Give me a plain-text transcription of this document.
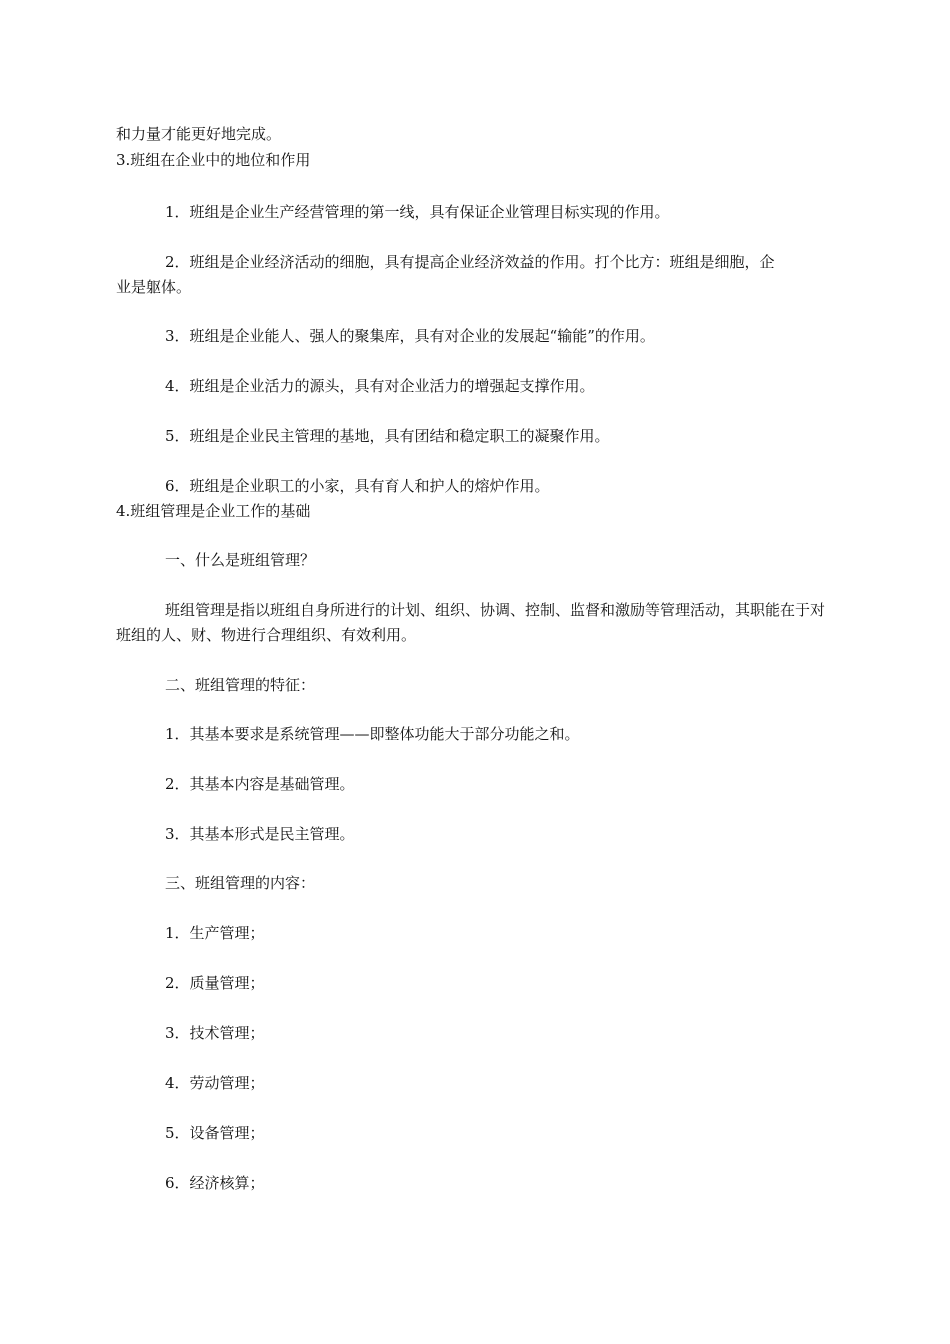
和力量才能更好地完成。
3.班组在企业中的地位和作用
1．班组是企业生产经营管理的第一线，具有保证企业管理目标实现的作用。
2．班组是企业经济活动的细胞，具有提高企业经济效益的作用。打个比方：班组是细胞，企业是躯体。
3．班组是企业能人、强人的聚集库，具有对企业的发展起“输能”的作用。
4．班组是企业活力的源头，具有对企业活力的增强起支撑作用。
5．班组是企业民主管理的基地，具有团结和稳定职工的凝聚作用。
6．班组是企业职工的小家，具有育人和护人的熔炉作用。
4.班组管理是企业工作的基础
一、什么是班组管理？
班组管理是指以班组自身所进行的计划、组织、协调、控制、监督和激励等管理活动，其职能在于对班组的人、财、物进行合理组织、有效利用。
二、班组管理的特征：
1．其基本要求是系统管理——即整体功能大于部分功能之和。
2．其基本内容是基础管理。
3．其基本形式是民主管理。
三、班组管理的内容：
1．生产管理；
2．质量管理；
3．技术管理；
4．劳动管理；
5．设备管理；
6．经济核算；
